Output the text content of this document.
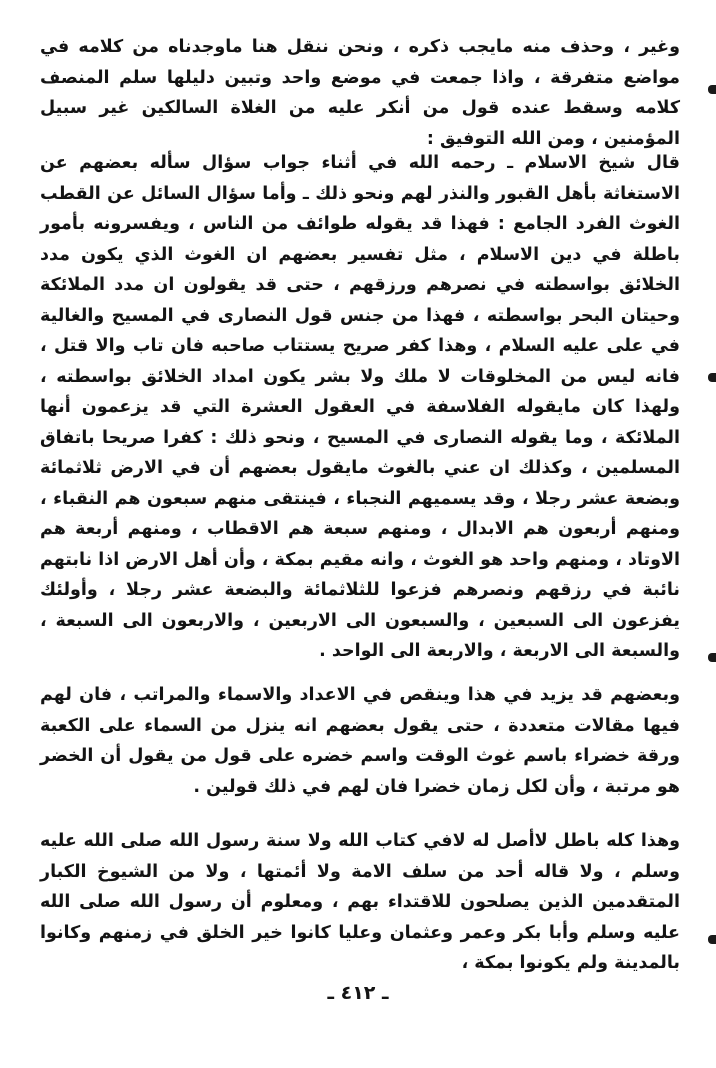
وغير ، وحذف منه مايجب ذكره ، ونحن ننقل هنا ماوجدناه من كلامه في مواضع متفرقة ، واذا جمعت في موضع واحد وتبين دليلها سلم المنصف كلامه وسقط عنده قول من أنكر عليه من الغلاة السالكين غير سبيل المؤمنين ، ومن الله التوفيق :

قال شيخ الاسلام ـ رحمه الله في أثناء جواب سؤال سأله بعضهم عن الاستغاثة بأهل القبور والنذر لهم ونحو ذلك ـ وأما سؤال السائل عن القطب الغوث الفرد الجامع : فهذا قد يقوله طوائف من الناس ، ويفسرونه بأمور باطلة في دين الاسلام ، مثل تفسير بعضهم ان الغوث الذي يكون مدد الخلائق بواسطته في نصرهم ورزقهم ، حتى قد يقولون ان مدد الملائكة وحيتان البحر بواسطته ، فهذا من جنس قول النصارى في المسيح والغالية في على عليه السلام ، وهذا كفر صريح يستتاب صاحبه فان تاب والا قتل ، فانه ليس من المخلوقات لا ملك ولا بشر يكون امداد الخلائق بواسطته ، ولهذا كان مايقوله الفلاسفة في العقول العشرة التي قد يزعمون أنها الملائكة ، وما يقوله النصارى في المسيح ، ونحو ذلك : كفرا صريحا باتفاق المسلمين ، وكذلك ان عني بالغوث مايقول بعضهم أن في الارض ثلاثمائة وبضعة عشر رجلا ، وقد يسميهم النجباء ، فينتقى منهم سبعون هم النقباء ، ومنهم أربعون هم الابدال ، ومنهم سبعة هم الاقطاب ، ومنهم أربعة هم الاوتاد ، ومنهم واحد هو الغوث ، وانه مقيم بمكة ، وأن أهل الارض اذا نابتهم نائبة في رزقهم ونصرهم فزعوا للثلاثمائة والبضعة عشر رجلا ، وأولئك يفزعون الى السبعين ، والسبعون الى الاربعين ، والاربعون الى السبعة ، والسبعة الى الاربعة ، والاربعة الى الواحد .

وبعضهم قد يزيد في هذا وينقص في الاعداد والاسماء والمراتب ، فان لهم فيها مقالات متعددة ، حتى يقول بعضهم انه ينزل من السماء على الكعبة ورقة خضراء باسم غوث الوقت واسم خضره على قول من يقول أن الخضر هو مرتبة ، وأن لكل زمان خضرا فان لهم في ذلك قولين .

وهذا كله باطل لاأصل له لافي كتاب الله ولا سنة رسول الله صلى الله عليه وسلم ، ولا قاله أحد من سلف الامة ولا أئمتها ، ولا من الشيوخ الكبار المتقدمين الذين يصلحون للاقتداء بهم ، ومعلوم أن رسول الله صلى الله عليه وسلم وأبا بكر وعمر وعثمان وعليا كانوا خير الخلق في زمنهم وكانوا بالمدينة ولم يكونوا بمكة ،

ـ ٤١٢ ـ
